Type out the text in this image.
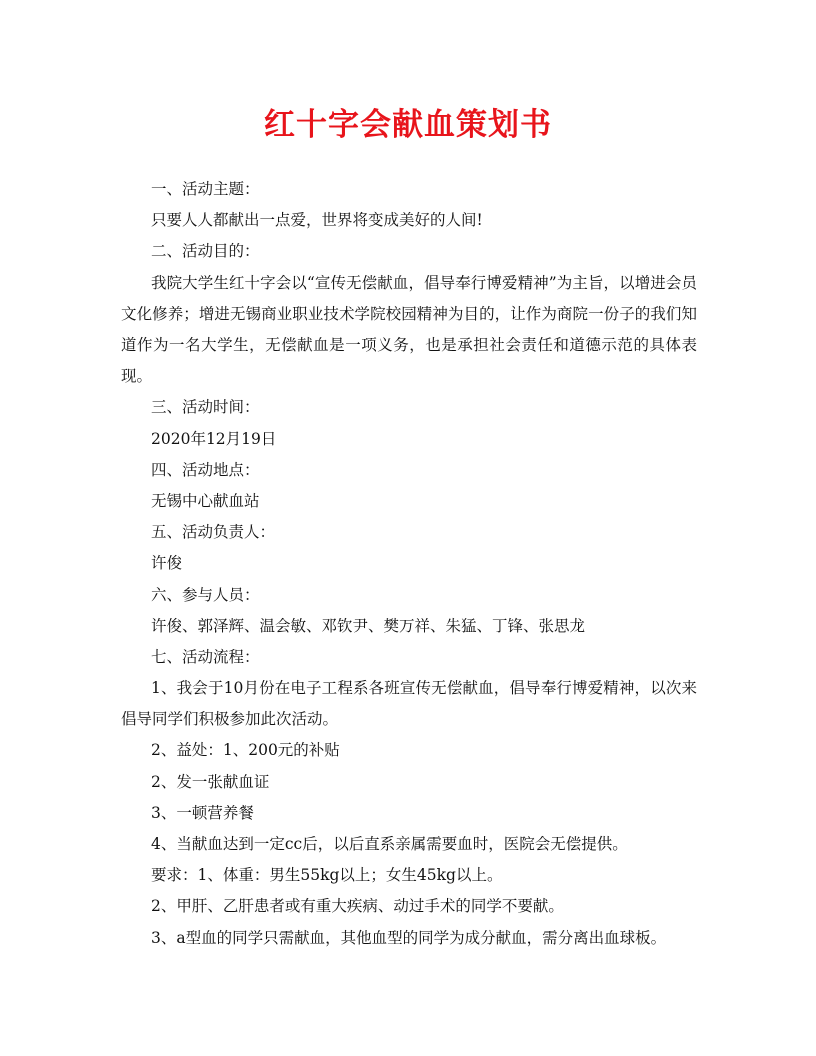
红十字会献血策划书
一、活动主题：
只要人人都献出一点爱，世界将变成美好的人间!
二、活动目的：
我院大学生红十字会以“宣传无偿献血，倡导奉行博爱精神”为主旨，以增进会员文化修养；增进无锡商业职业技术学院校园精神为目的，让作为商院一份子的我们知道作为一名大学生，无偿献血是一项义务，也是承担社会责任和道德示范的具体表现。
三、活动时间：
2020年12月19日
四、活动地点：
无锡中心献血站
五、活动负责人：
许俊
六、参与人员：
许俊、郭泽辉、温会敏、邓钦尹、樊万祥、朱猛、丁锋、张思龙
七、活动流程：
1、我会于10月份在电子工程系各班宣传无偿献血，倡导奉行博爱精神，以次来倡导同学们积极参加此次活动。
2、益处：1、200元的补贴
2、发一张献血证
3、一顿营养餐
4、当献血达到一定cc后，以后直系亲属需要血时，医院会无偿提供。
要求：1、体重：男生55kg以上；女生45kg以上。
2、甲肝、乙肝患者或有重大疾病、动过手术的同学不要献。
3、a型血的同学只需献血，其他血型的同学为成分献血，需分离出血球板。
